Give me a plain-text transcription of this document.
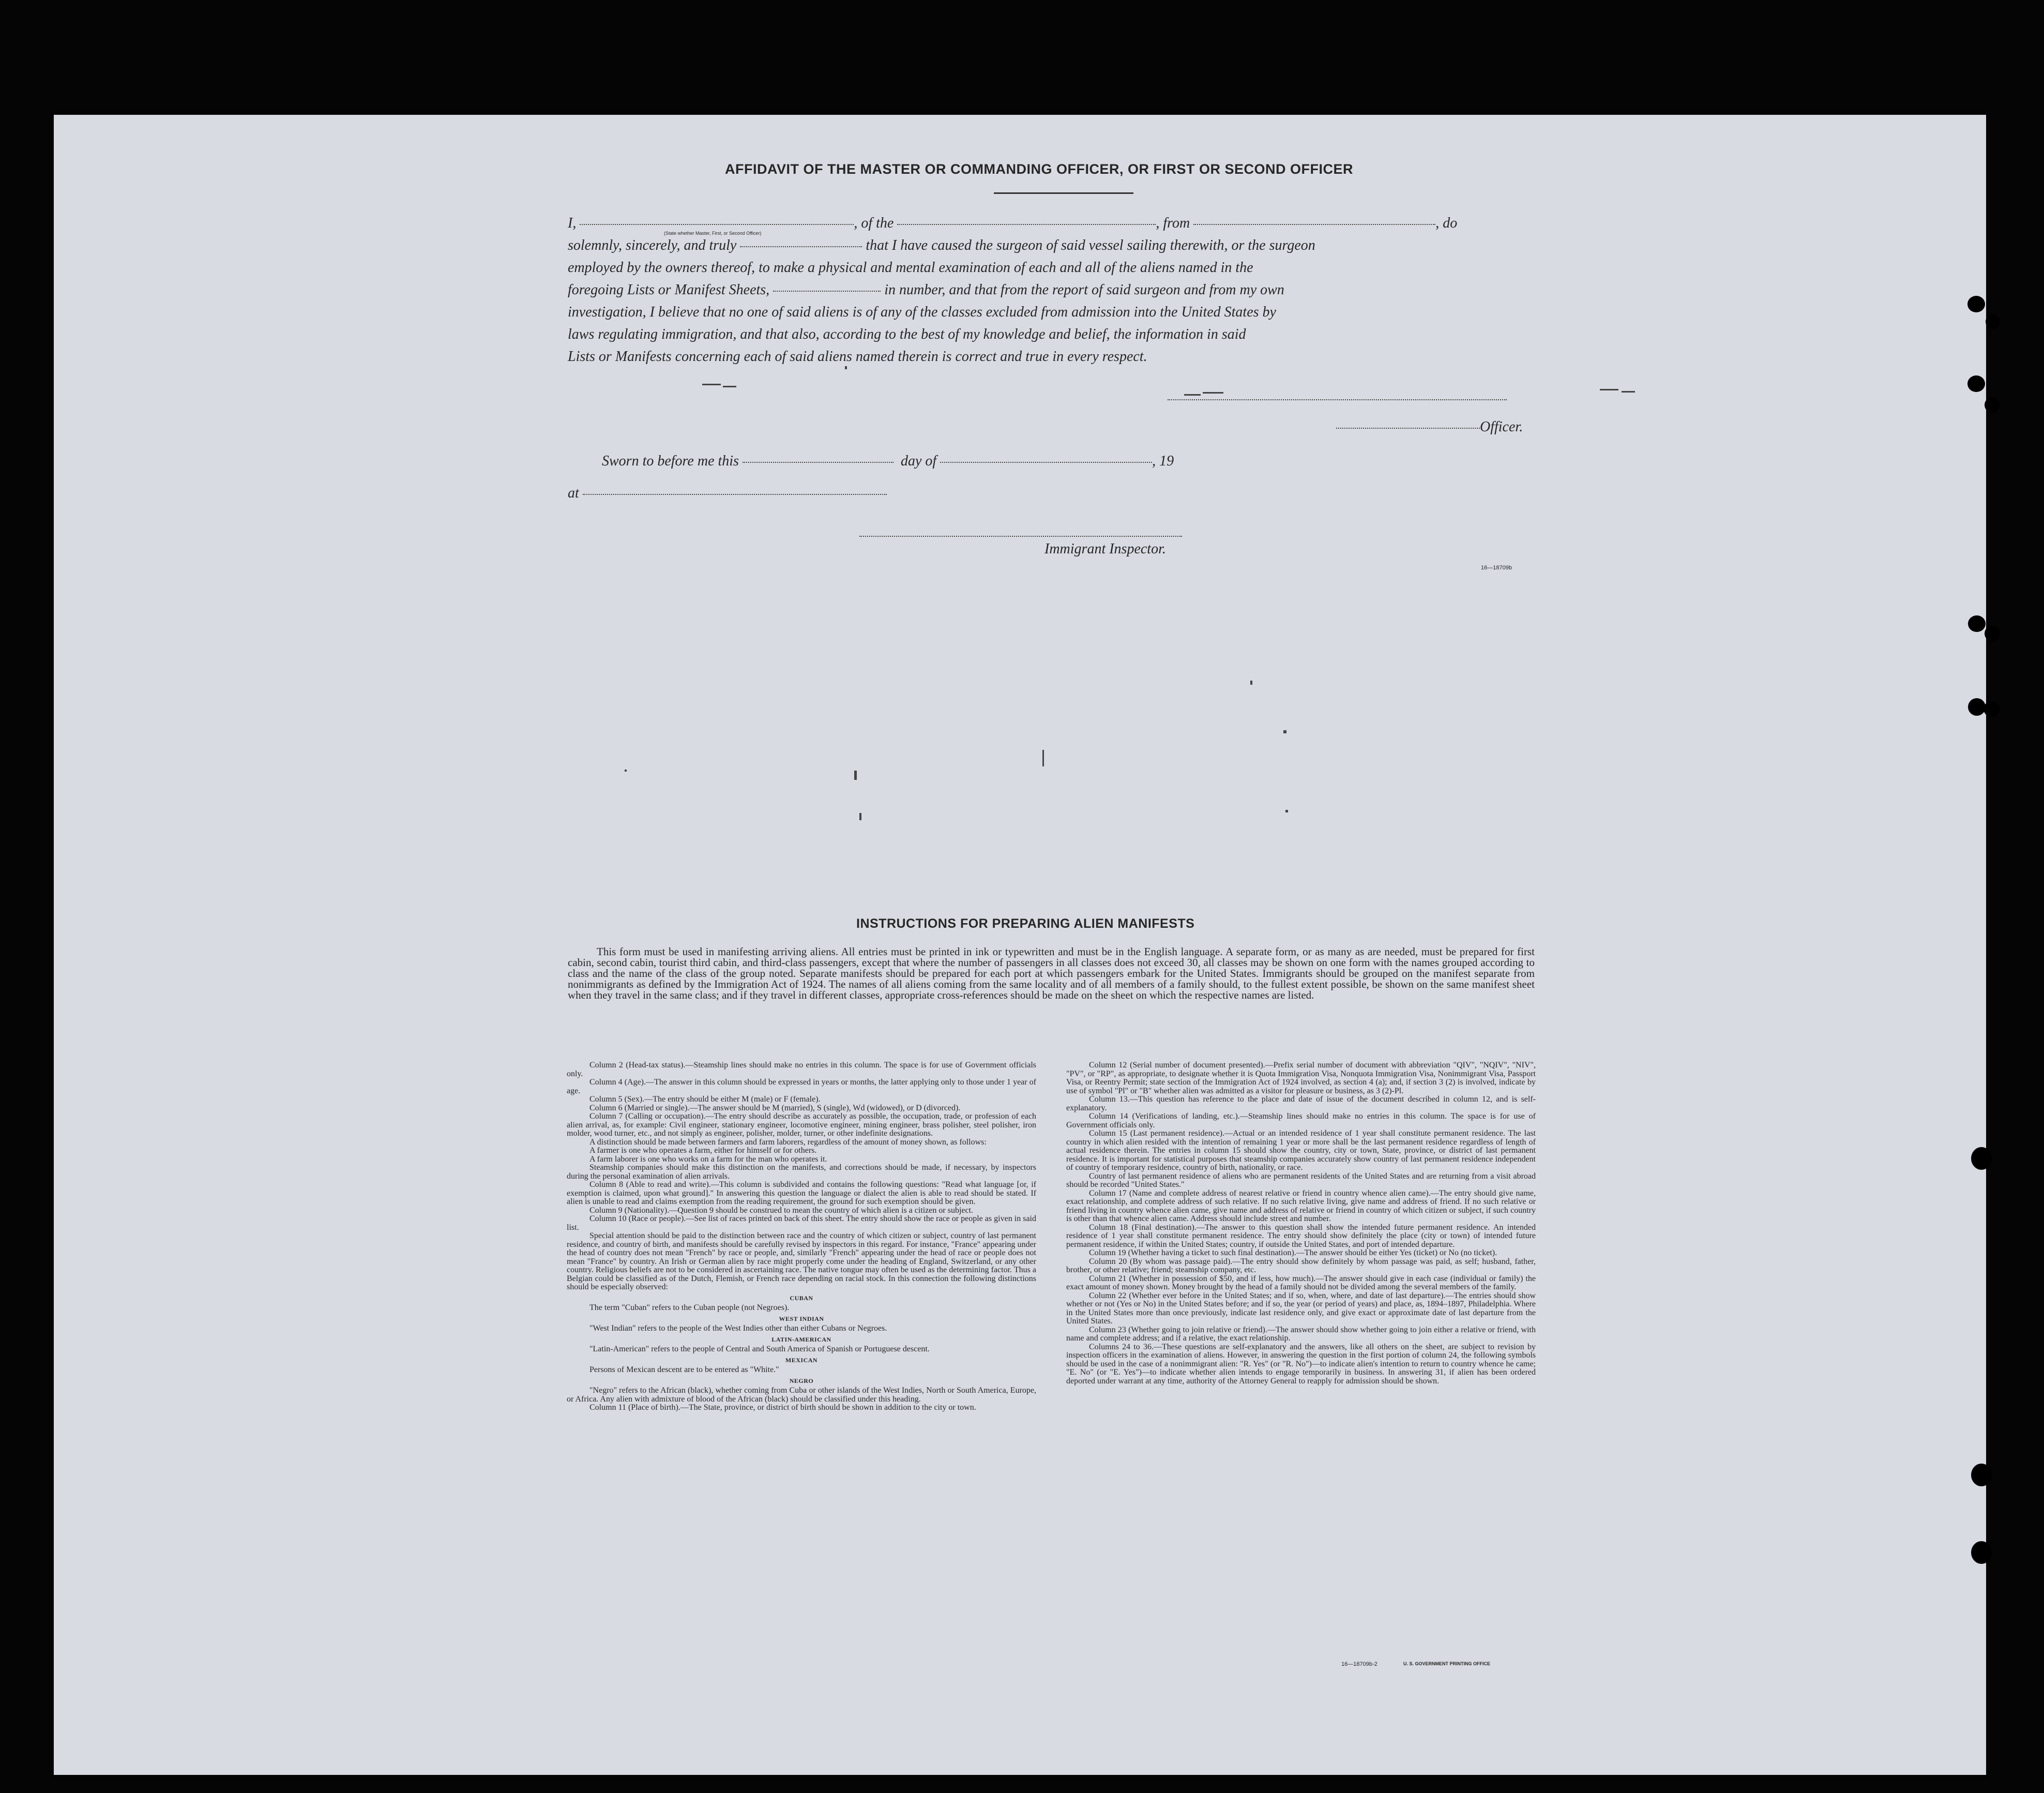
AFFIDAVIT OF THE MASTER OR COMMANDING OFFICER, OR FIRST OR SECOND OFFICER
I,	, of the	, from	, do
(State whether Master, First, or Second Officer)
solemnly, sincerely, and truly	that I have caused the surgeon of said vessel sailing therewith, or the surgeon
employed by the owners thereof, to make a physical and mental examination of each and all of the aliens named in the
foregoing Lists or Manifest Sheets,	in number, and that from the report of said surgeon and from my own
investigation, I believe that no one of said aliens is of any of the classes excluded from admission into the United States by
laws regulating immigration, and that also, according to the best of my knowledge and belief, the information in said
Lists or Manifests concerning each of said aliens named therein is correct and true in every respect.
Officer.
Sworn to before me this	day of	, 19
at
Immigrant Inspector.
16—18709b
INSTRUCTIONS FOR PREPARING ALIEN MANIFESTS

This form must be used in manifesting arriving aliens. All entries must be printed in ink or typewritten and must be in the English language. A separate form, or as many as are needed, must be prepared for first cabin, second cabin, tourist third cabin, and third-class passengers, except that where the number of passengers in all classes does not exceed 30, all classes may be shown on one form with the names grouped according to class and the name of the class of the group noted. Separate manifests should be prepared for each port at which passengers embark for the United States. Immigrants should be grouped on the manifest separate from nonimmigrants as defined by the Immigration Act of 1924. The names of all aliens coming from the same locality and of all members of a family should, to the fullest extent possible, be shown on the same manifest sheet when they travel in the same class; and if they travel in different classes, appropriate cross-references should be made on the sheet on which the respective names are listed.

Column 2 (Head-tax status).—Steamship lines should make no entries in this column. The space is for use of Government officials only.

Column 4 (Age).—The answer in this column should be expressed in years or months, the latter applying only to those under 1 year of age.

Column 5 (Sex).—The entry should be either M (male) or F (female).

Column 6 (Married or single).—The answer should be M (married), S (single), Wd (widowed), or D (divorced).

Column 7 (Calling or occupation).—The entry should describe as accurately as possible, the occupation, trade, or profession of each alien arrival, as, for example: Civil engineer, stationary engineer, locomotive engineer, mining engineer, brass polisher, steel polisher, iron molder, wood turner, etc., and not simply as engineer, polisher, molder, turner, or other indefinite designations.

A distinction should be made between farmers and farm laborers, regardless of the amount of money shown, as follows:

A farmer is one who operates a farm, either for himself or for others.

A farm laborer is one who works on a farm for the man who operates it.

Steamship companies should make this distinction on the manifests, and corrections should be made, if necessary, by inspectors during the personal examination of alien arrivals.

Column 8 (Able to read and write).—This column is subdivided and contains the following questions: "Read what language [or, if exemption is claimed, upon what ground]." In answering this question the language or dialect the alien is able to read should be stated. If alien is unable to read and claims exemption from the reading requirement, the ground for such exemption should be given.

Column 9 (Nationality).—Question 9 should be construed to mean the country of which alien is a citizen or subject.

Column 10 (Race or people).—See list of races printed on back of this sheet. The entry should show the race or people as given in said list.

Special attention should be paid to the distinction between race and the country of which citizen or subject, country of last permanent residence, and country of birth, and manifests should be carefully revised by inspectors in this regard. For instance, "France" appearing under the head of country does not mean "French" by race or people, and, similarly "French" appearing under the head of race or people does not mean "France" by country. An Irish or German alien by race might properly come under the heading of England, Switzerland, or any other country. Religious beliefs are not to be considered in ascertaining race. The native tongue may often be used as the determining factor. Thus a Belgian could be classified as of the Dutch, Flemish, or French race depending on racial stock. In this connection the following distinctions should be especially observed:

CUBAN

The term "Cuban" refers to the Cuban people (not Negroes).

WEST INDIAN

"West Indian" refers to the people of the West Indies other than either Cubans or Negroes.

LATIN-AMERICAN

"Latin-American" refers to the people of Central and South America of Spanish or Portuguese descent.

MEXICAN

Persons of Mexican descent are to be entered as "White."

NEGRO

"Negro" refers to the African (black), whether coming from Cuba or other islands of the West Indies, North or South America, Europe, or Africa. Any alien with admixture of blood of the African (black) should be classified under this heading.

Column 11 (Place of birth).—The State, province, or district of birth should be shown in addition to the city or town.

Column 12 (Serial number of document presented).—Prefix serial number of document with abbreviation "QIV", "NQIV", "NIV", "PV", or "RP", as appropriate, to designate whether it is Quota Immigration Visa, Nonquota Immigration Visa, Nonimmigrant Visa, Passport Visa, or Reentry Permit; state section of the Immigration Act of 1924 involved, as section 4 (a); and, if section 3 (2) is involved, indicate by use of symbol "Pl" or "B" whether alien was admitted as a visitor for pleasure or business, as 3 (2)-Pl.

Column 13.—This question has reference to the place and date of issue of the document described in column 12, and is self-explanatory.

Column 14 (Verifications of landing, etc.).—Steamship lines should make no entries in this column. The space is for use of Government officials only.

Column 15 (Last permanent residence).—Actual or an intended residence of 1 year shall constitute permanent residence. The last country in which alien resided with the intention of remaining 1 year or more shall be the last permanent residence regardless of length of actual residence therein. The entries in column 15 should show the country, city or town, State, province, or district of last permanent residence. It is important for statistical purposes that steamship companies accurately show country of last permanent residence independent of country of temporary residence, country of birth, nationality, or race.

Country of last permanent residence of aliens who are permanent residents of the United States and are returning from a visit abroad should be recorded "United States."

Column 17 (Name and complete address of nearest relative or friend in country whence alien came).—The entry should give name, exact relationship, and complete address of such relative. If no such relative living, give name and address of friend. If no such relative or friend living in country whence alien came, give name and address of relative or friend in country of which citizen or subject, if such country is other than that whence alien came. Address should include street and number.

Column 18 (Final destination).—The answer to this question shall show the intended future permanent residence. An intended residence of 1 year shall constitute permanent residence. The entry should show definitely the place (city or town) of intended future permanent residence, if within the United States; country, if outside the United States, and port of intended departure.

Column 19 (Whether having a ticket to such final destination).—The answer should be either Yes (ticket) or No (no ticket).

Column 20 (By whom was passage paid).—The entry should show definitely by whom passage was paid, as self; husband, father, brother, or other relative; friend; steamship company, etc.

Column 21 (Whether in possession of $50, and if less, how much).—The answer should give in each case (individual or family) the exact amount of money shown. Money brought by the head of a family should not be divided among the several members of the family.

Column 22 (Whether ever before in the United States; and if so, when, where, and date of last departure).—The entries should show whether or not (Yes or No) in the United States before; and if so, the year (or period of years) and place, as, 1894–1897, Philadelphia. Where in the United States more than once previously, indicate last residence only, and give exact or approximate date of last departure from the United States.

Column 23 (Whether going to join relative or friend).—The answer should show whether going to join either a relative or friend, with name and complete address; and if a relative, the exact relationship.

Columns 24 to 36.—These questions are self-explanatory and the answers, like all others on the sheet, are subject to revision by inspection officers in the examination of aliens. However, in answering the question in the first portion of column 24, the following symbols should be used in the case of a nonimmigrant alien: "R. Yes" (or "R. No")—to indicate alien's intention to return to country whence he came; "E. No" (or "E. Yes")—to indicate whether alien intends to engage temporarily in business. In answering 31, if alien has been ordered deported under warrant at any time, authority of the Attorney General to reapply for admission should be shown.

16—18709b-2	U. S. GOVERNMENT PRINTING OFFICE
